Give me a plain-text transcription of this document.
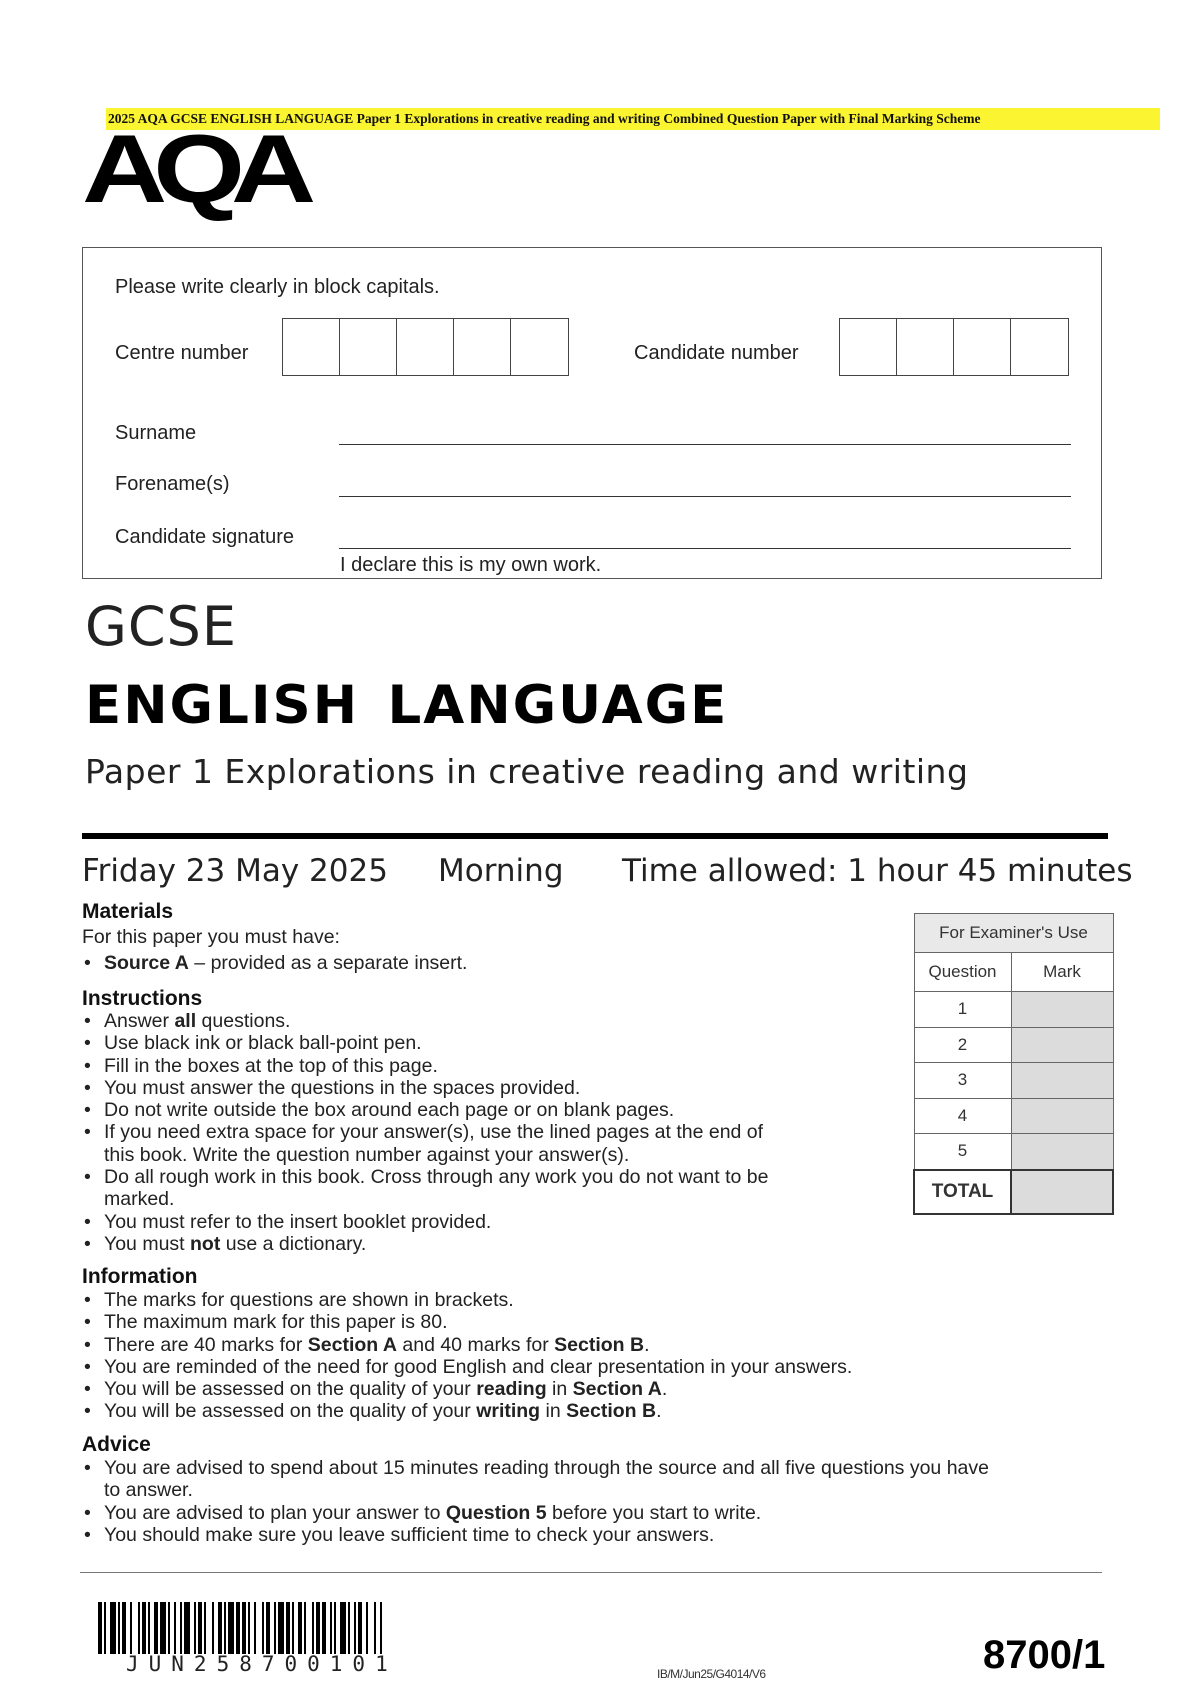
2025 AQA GCSE ENGLISH LANGUAGE Paper 1 Explorations in creative reading and writing Combined Question Paper with Final Marking Scheme
AQA
Please write clearly in block capitals.
Centre number	Candidate number
Surname
Forename(s)
Candidate signature
I declare this is my own work.
GCSE
ENGLISH LANGUAGE
Paper 1 Explorations in creative reading and writing
Friday 23 May 2025 Morning Time allowed: 1 hour 45 minutes
Materials
For this paper you must have:
• Source A – provided as a separate insert.
Instructions
• Answer all questions.
• Use black ink or black ball-point pen.
• Fill in the boxes at the top of this page.
• You must answer the questions in the spaces provided.
• Do not write outside the box around each page or on blank pages.
• If you need extra space for your answer(s), use the lined pages at the end of
this book. Write the question number against your answer(s).
• Do all rough work in this book. Cross through any work you do not want to be
marked.
• You must refer to the insert booklet provided.
• You must not use a dictionary.
Information
• The marks for questions are shown in brackets.
• The maximum mark for this paper is 80.
• There are 40 marks for Section A and 40 marks for Section B.
• You are reminded of the need for good English and clear presentation in your answers.
• You will be assessed on the quality of your reading in Section A.
• You will be assessed on the quality of your writing in Section B.
Advice
• You are advised to spend about 15 minutes reading through the source and all five questions you have
to answer.
• You are advised to plan your answer to Question 5 before you start to write.
• You should make sure you leave sufficient time to check your answers.
For Examiner's Use	
Question	Mark
1	
2	
3	
4	
5	
TOTAL	
JUN258700101	IB/M/Jun25/G4014/V6	8700/1
